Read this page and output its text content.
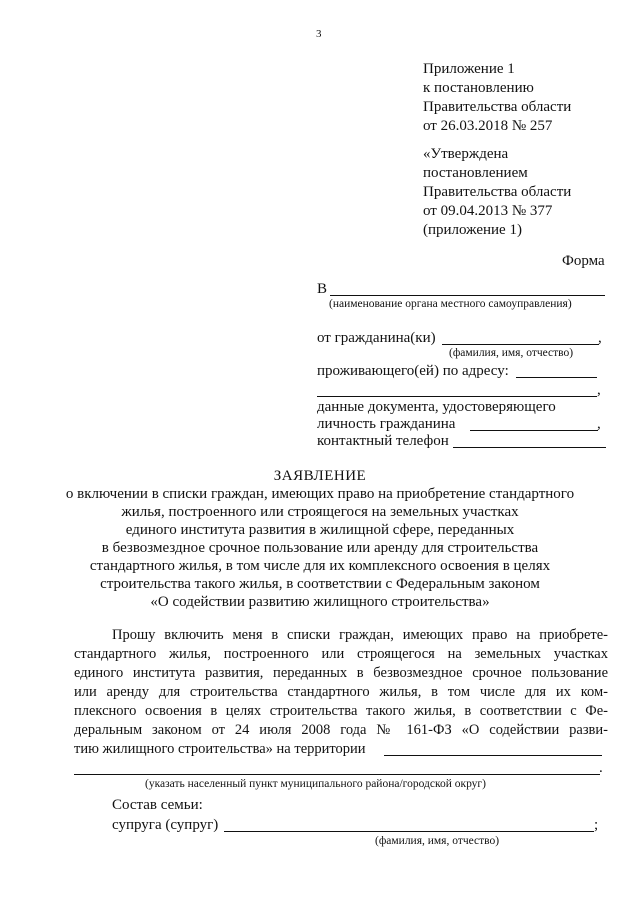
3
Приложение 1
к постановлению
Правительства области
от 26.03.2018 № 257
«Утверждена
постановлением
Правительства области
от 09.04.2013 № 377
(приложение 1)
Форма
В
(наименование органа местного самоуправления)
от гражданина(ки)	,
(фамилия, имя, отчество)
проживающего(ей) по адресу:
,
данные документа, удостоверяющего
личность гражданина	,
контактный телефон
ЗАЯВЛЕНИЕ
о включении в списки граждан, имеющих право на приобретение стандартного
жилья, построенного или строящегося на земельных участках
единого института развития в жилищной сфере, переданных
в безвозмездное срочное пользование или аренду для строительства
стандартного жилья, в том числе для их комплексного освоения в целях
строительства такого жилья, в соответствии с Федеральным законом
«О содействии развитию жилищного строительства»
Прошу включить меня в списки граждан, имеющих право на приобрете-
стандартного жилья, построенного или строящегося на земельных участках
единого института развития, переданных в безвозмездное срочное пользование
или аренду для строительства стандартного жилья, в том числе для их ком-
плексного освоения в целях строительства такого жилья, в соответствии с Фе-
деральным законом от 24 июля 2008 года № 161-ФЗ «О содействии разви-
тию жилищного строительства» на территории
.
(указать населенный пункт муниципального района/городской округ)
Состав семьи:
супруга (супруг)	;
(фамилия, имя, отчество)
